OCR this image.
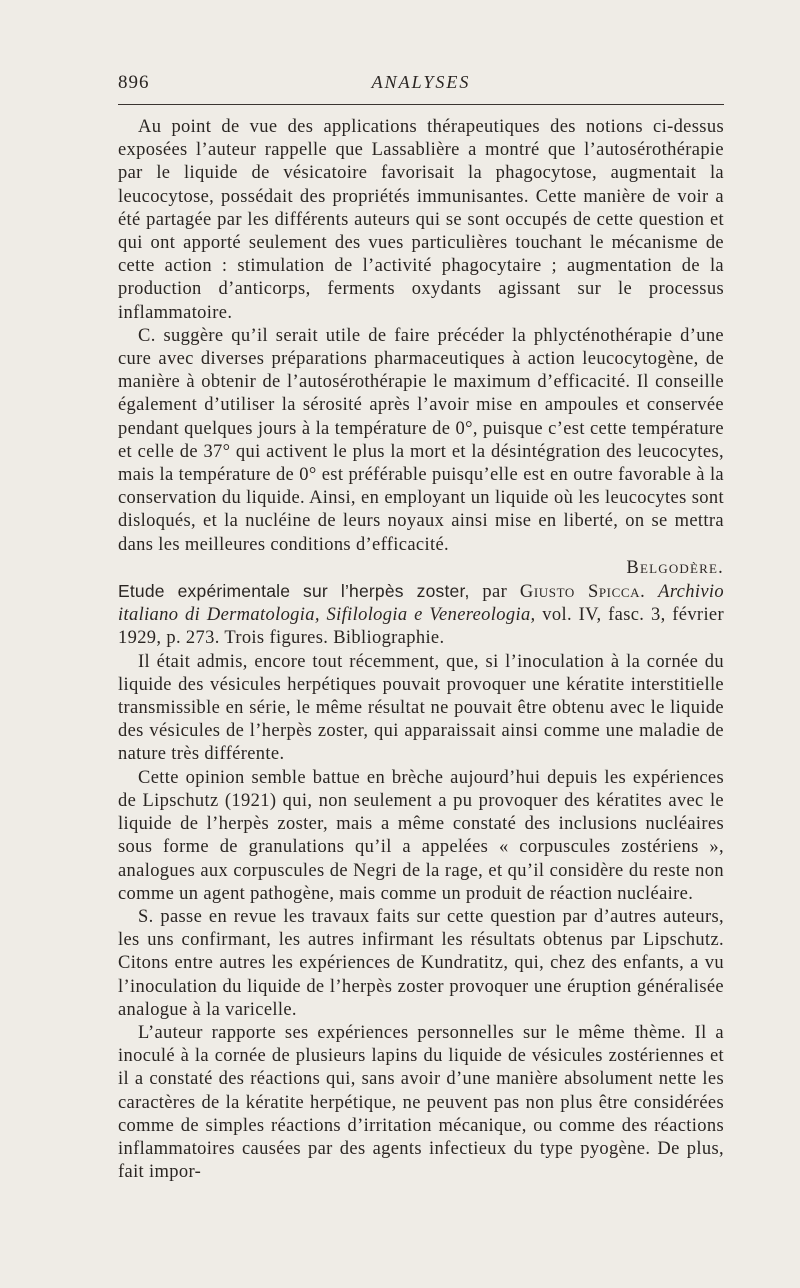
896	ANALYSES

Au point de vue des applications thérapeutiques des notions ci-dessus exposées l’auteur rappelle que Lassablière a montré que l’autosérothérapie par le liquide de vésicatoire favorisait la phagocytose, augmentait la leucocytose, possédait des propriétés immunisantes. Cette manière de voir a été partagée par les différents auteurs qui se sont occupés de cette question et qui ont apporté seulement des vues particulières touchant le mécanisme de cette action : stimulation de l’activité phagocytaire ; augmentation de la production d’anticorps, ferments oxydants agissant sur le processus inflammatoire.

C. suggère qu’il serait utile de faire précéder la phlycténothérapie d’une cure avec diverses préparations pharmaceutiques à action leucocytogène, de manière à obtenir de l’autosérothérapie le maximum d’efficacité. Il conseille également d’utiliser la sérosité après l’avoir mise en ampoules et conservée pendant quelques jours à la température de 0°, puisque c’est cette température et celle de 37° qui activent le plus la mort et la désintégration des leucocytes, mais la température de 0° est préférable puisqu’elle est en outre favorable à la conservation du liquide. Ainsi, en employant un liquide où les leucocytes sont disloqués, et la nucléine de leurs noyaux ainsi mise en liberté, on se mettra dans les meilleures conditions d’efficacité.

Belgodère.

Etude expérimentale sur l’herpès zoster, par Giusto Spicca. Archivio italiano di Dermatologia, Sifilologia e Venereologia, vol. IV, fasc. 3, février 1929, p. 273. Trois figures. Bibliographie.

Il était admis, encore tout récemment, que, si l’inoculation à la cornée du liquide des vésicules herpétiques pouvait provoquer une kératite interstitielle transmissible en série, le même résultat ne pouvait être obtenu avec le liquide des vésicules de l’herpès zoster, qui apparaissait ainsi comme une maladie de nature très différente.

Cette opinion semble battue en brèche aujourd’hui depuis les expériences de Lipschutz (1921) qui, non seulement a pu provoquer des kératites avec le liquide de l’herpès zoster, mais a même constaté des inclusions nucléaires sous forme de granulations qu’il a appelées « corpuscules zostériens », analogues aux corpuscules de Negri de la rage, et qu’il considère du reste non comme un agent pathogène, mais comme un produit de réaction nucléaire.

S. passe en revue les travaux faits sur cette question par d’autres auteurs, les uns confirmant, les autres infirmant les résultats obtenus par Lipschutz. Citons entre autres les expériences de Kundratitz, qui, chez des enfants, a vu l’inoculation du liquide de l’herpès zoster provoquer une éruption généralisée analogue à la varicelle.

L’auteur rapporte ses expériences personnelles sur le même thème. Il a inoculé à la cornée de plusieurs lapins du liquide de vésicules zostériennes et il a constaté des réactions qui, sans avoir d’une manière absolument nette les caractères de la kératite herpétique, ne peuvent pas non plus être considérées comme de simples réactions d’irritation mécanique, ou comme des réactions inflammatoires causées par des agents infectieux du type pyogène. De plus, fait impor-
